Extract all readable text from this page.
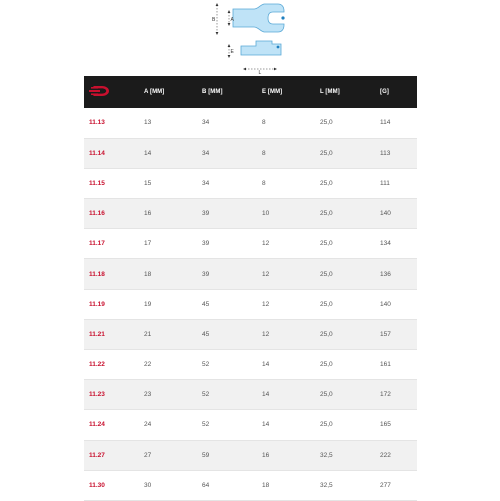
B	A
E
L
	A [MM]	B [MM]	E [MM]	L [MM]	[G]
11.13	13	34	8	25,0	114
11.14	14	34	8	25,0	113
11.15	15	34	8	25,0	111
11.16	16	39	10	25,0	140
11.17	17	39	12	25,0	134
11.18	18	39	12	25,0	136
11.19	19	45	12	25,0	140
11.21	21	45	12	25,0	157
11.22	22	52	14	25,0	161
11.23	23	52	14	25,0	172
11.24	24	52	14	25,0	165
11.27	27	59	16	32,5	222
11.30	30	64	18	32,5	277
